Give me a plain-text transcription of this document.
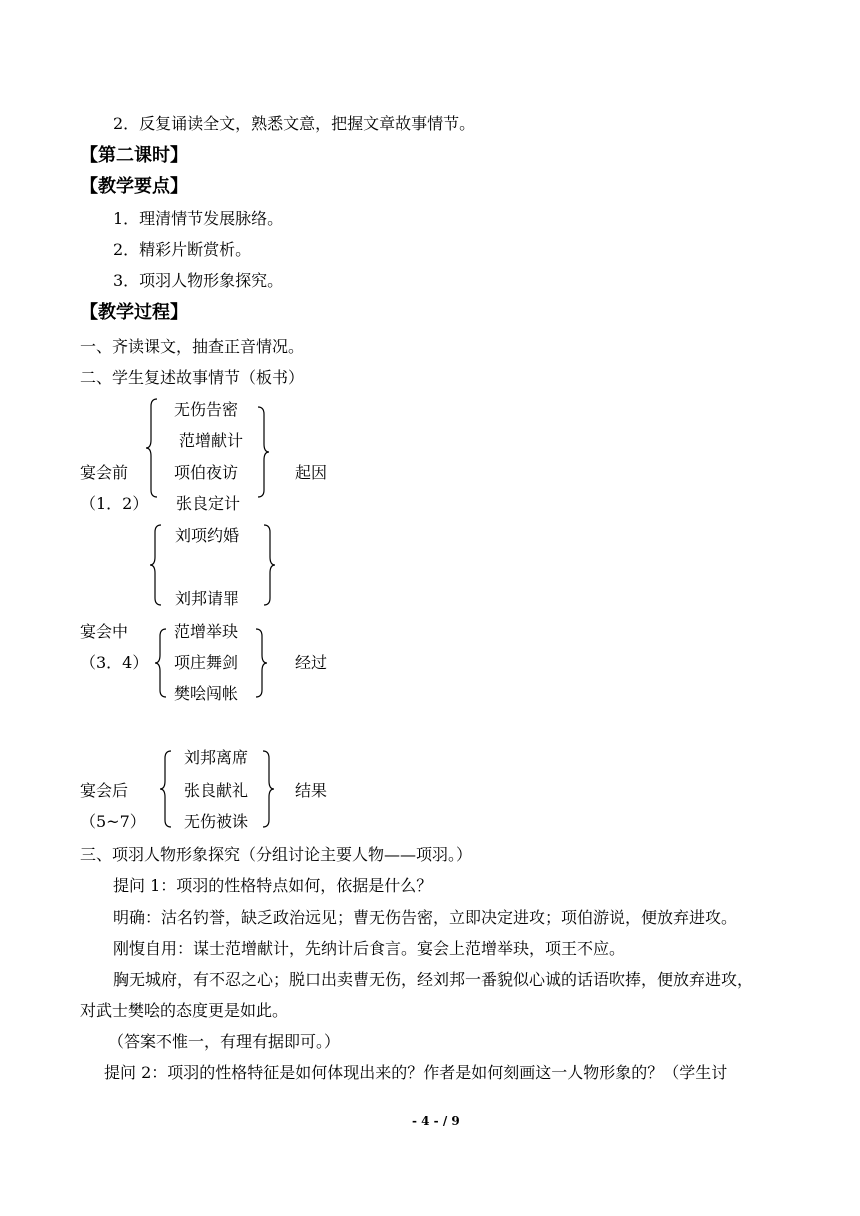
2．反复诵读全文，熟悉文意，把握文章故事情节。
【第二课时】
【教学要点】
1．理清情节发展脉络。
2．精彩片断赏析。
3．项羽人物形象探究。
【教学过程】
一、齐读课文，抽查正音情况。
二、学生复述故事情节（板书）
无伤告密
范增献计
项伯夜访
张良定计
宴会前
（1．2）
起因
刘项约婚
刘邦请罪
宴会中
（3．4）
范增举玦
项庄舞剑
樊哙闯帐
经过
刘邦离席
张良献礼
无伤被诛
宴会后
（5~7）
结果
三、项羽人物形象探究（分组讨论主要人物——项羽。）
提问 1：项羽的性格特点如何，依据是什么？
明确：沽名钓誉，缺乏政治远见；曹无伤告密，立即决定进攻；项伯游说，便放弃进攻。
刚愎自用：谋士范增献计，先纳计后食言。宴会上范增举玦，项王不应。
胸无城府，有不忍之心；脱口出卖曹无伤，经刘邦一番貌似心诚的话语吹捧，便放弃进攻，
对武士樊哙的态度更是如此。
（答案不惟一，有理有据即可。）
提问 2：项羽的性格特征是如何体现出来的？作者是如何刻画这一人物形象的？（学生讨
- 4 - / 9
